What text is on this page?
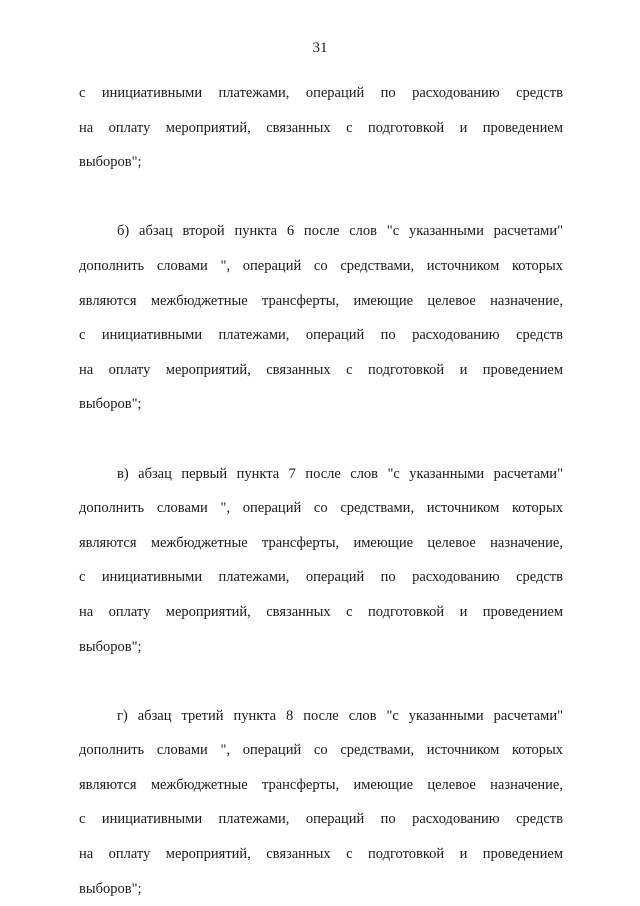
31
с инициативными платежами, операций по расходованию средств
на оплату мероприятий, связанных с подготовкой и проведением
выборов";
б) абзац второй пункта 6 после слов "с указанными расчетами"
дополнить словами ", операций со средствами, источником которых
являются межбюджетные трансферты, имеющие целевое назначение,
с инициативными платежами, операций по расходованию средств
на оплату мероприятий, связанных с подготовкой и проведением
выборов";
в) абзац первый пункта 7 после слов "с указанными расчетами"
дополнить словами ", операций со средствами, источником которых
являются межбюджетные трансферты, имеющие целевое назначение,
с инициативными платежами, операций по расходованию средств
на оплату мероприятий, связанных с подготовкой и проведением
выборов";
г) абзац третий пункта 8 после слов "с указанными расчетами"
дополнить словами ", операций со средствами, источником которых
являются межбюджетные трансферты, имеющие целевое назначение,
с инициативными платежами, операций по расходованию средств
на оплату мероприятий, связанных с подготовкой и проведением
выборов";
